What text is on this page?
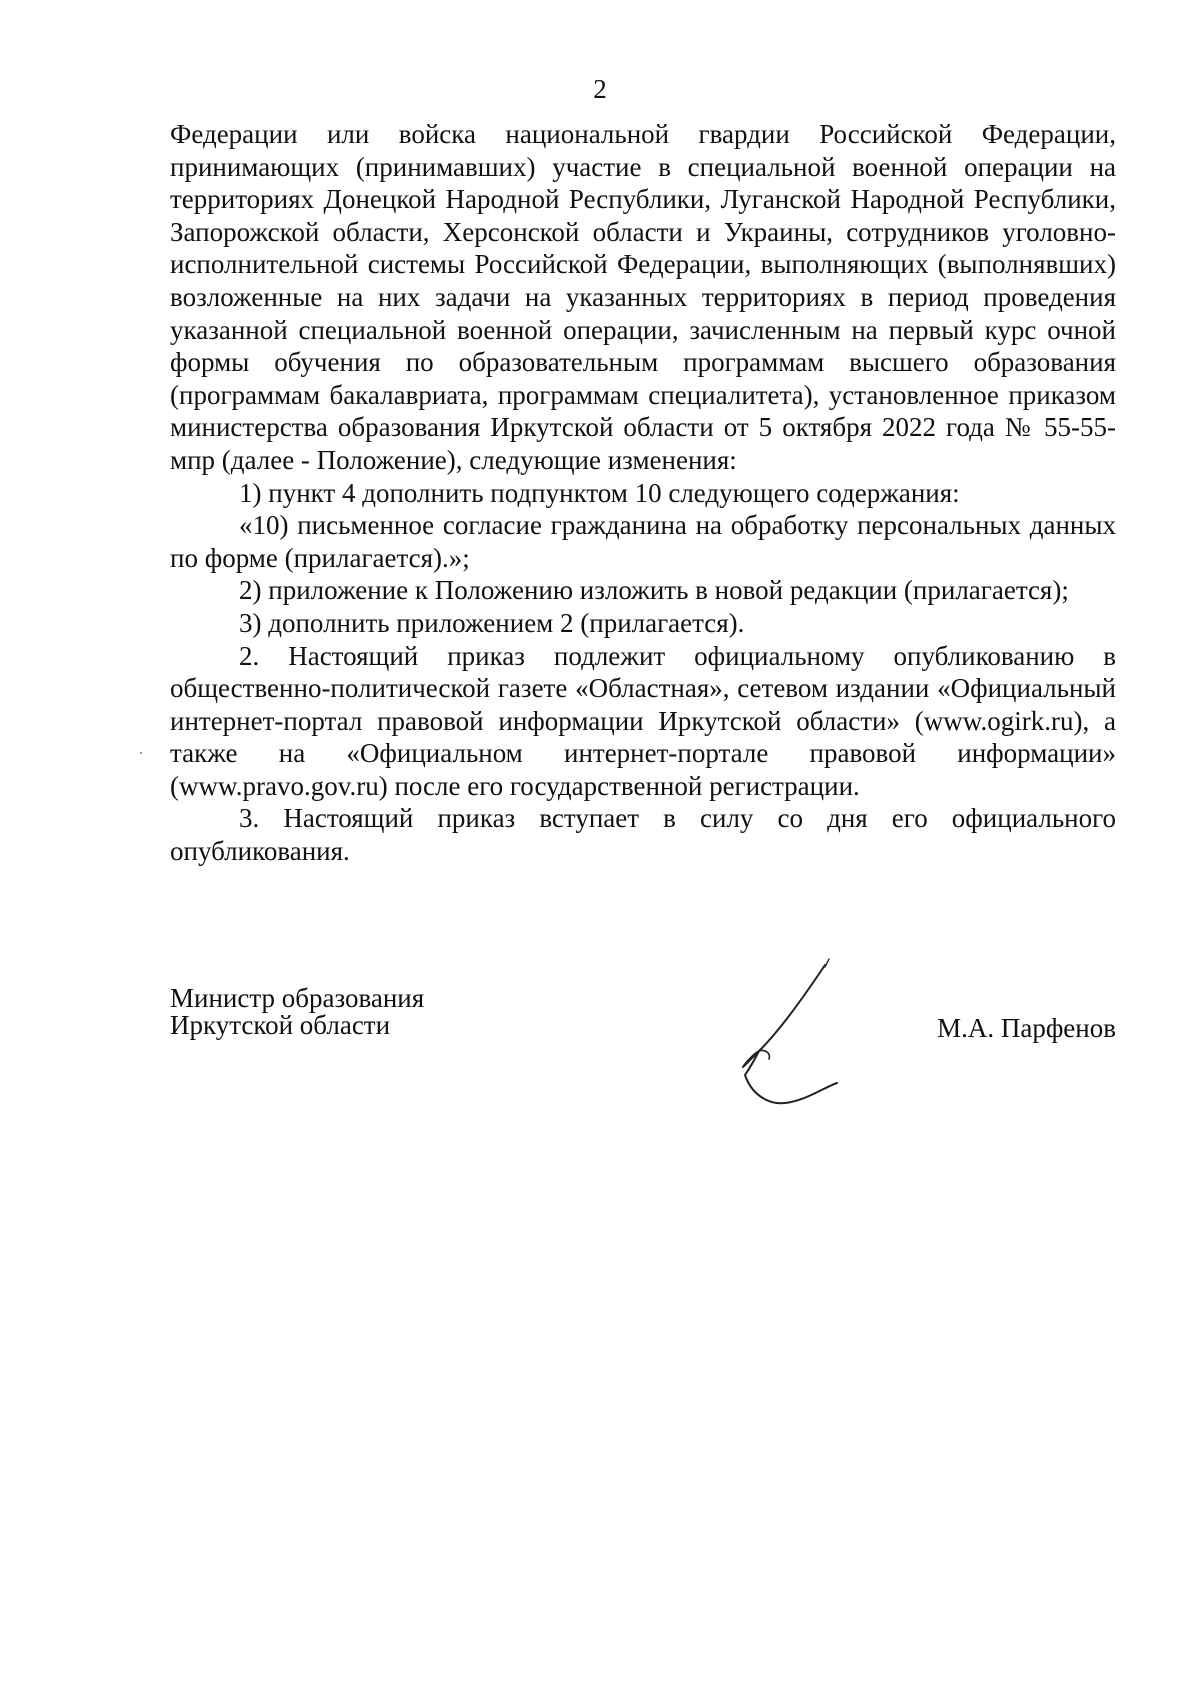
2

Федерации или войска национальной гвардии Российской Федерации, принимающих (принимавших) участие в специальной военной операции на территориях Донецкой Народной Республики, Луганской Народной Республики, Запорожской области, Херсонской области и Украины, сотрудников уголовно-исполнительной системы Российской Федерации, выполняющих (выполнявших) возложенные на них задачи на указанных территориях в период проведения указанной специальной военной операции, зачисленным на первый курс очной формы обучения по образовательным программам высшего образования (программам бакалавриата, программам специалитета), установленное приказом министерства образования Иркутской области от 5 октября 2022 года № 55-55-мпр (далее - Положение), следующие изменения:

1) пункт 4 дополнить подпунктом 10 следующего содержания:

«10) письменное согласие гражданина на обработку персональных данных по форме (прилагается).»;

2) приложение к Положению изложить в новой редакции (прилагается);

3) дополнить приложением 2 (прилагается).

2. Настоящий приказ подлежит официальному опубликованию в общественно-политической газете «Областная», сетевом издании «Официальный интернет-портал правовой информации Иркутской области» (www.ogirk.ru), а также на «Официальном интернет-портале правовой информации» (www.pravo.gov.ru) после его государственной регистрации.

3. Настоящий приказ вступает в силу со дня его официального опубликования.

Министр образования
Иркутской области	М.А. Парфенов
